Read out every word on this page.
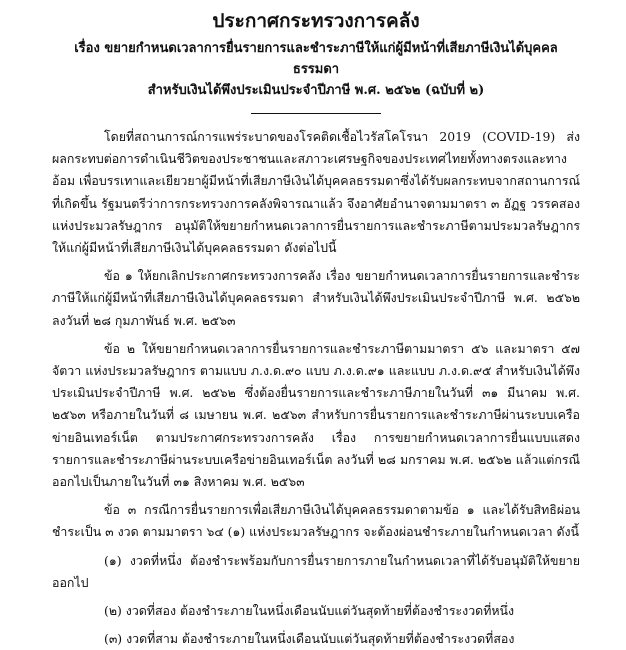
ประกาศกระทรวงการคลัง
เรื่อง ขยายกำหนดเวลาการยื่นรายการและชำระภาษีให้แก่ผู้มีหน้าที่เสียภาษีเงินได้บุคคลธรรมดา
สำหรับเงินได้พึงประเมินประจำปีภาษี พ.ศ. ๒๕๖๒ (ฉบับที่ ๒)

โดยที่สถานการณ์การแพร่ระบาดของโรคติดเชื้อไวรัสโคโรนา 2019 (COVID-19) ส่งผลกระทบต่อการดำเนินชีวิตของประชาชนและสภาวะเศรษฐกิจของประเทศไทยทั้งทางตรงและทางอ้อม เพื่อบรรเทาและเยียวยาผู้มีหน้าที่เสียภาษีเงินได้บุคคลธรรมดาซึ่งได้รับผลกระทบจากสถานการณ์ที่เกิดขึ้น รัฐมนตรีว่าการกระทรวงการคลังพิจารณาแล้ว จึงอาศัยอำนาจตามมาตรา ๓ อัฏฐ วรรคสอง แห่งประมวลรัษฎากร อนุมัติให้ขยายกำหนดเวลาการยื่นรายการและชำระภาษีตามประมวลรัษฎากร ให้แก่ผู้มีหน้าที่เสียภาษีเงินได้บุคคลธรรมดา ดังต่อไปนี้

ข้อ ๑ ให้ยกเลิกประกาศกระทรวงการคลัง เรื่อง ขยายกำหนดเวลาการยื่นรายการและชำระภาษีให้แก่ผู้มีหน้าที่เสียภาษีเงินได้บุคคลธรรมดา สำหรับเงินได้พึงประเมินประจำปีภาษี พ.ศ. ๒๕๖๒ ลงวันที่ ๒๘ กุมภาพันธ์ พ.ศ. ๒๕๖๓

ข้อ ๒ ให้ขยายกำหนดเวลาการยื่นรายการและชำระภาษีตามมาตรา ๕๖ และมาตรา ๕๗ จัตวา แห่งประมวลรัษฎากร ตามแบบ ภ.ง.ด.๙๐ แบบ ภ.ง.ด.๙๑ และแบบ ภ.ง.ด.๙๕ สำหรับเงินได้พึงประเมินประจำปีภาษี พ.ศ. ๒๕๖๒ ซึ่งต้องยื่นรายการและชำระภาษีภายในวันที่ ๓๑ มีนาคม พ.ศ. ๒๕๖๓ หรือภายในวันที่ ๘ เมษายน พ.ศ. ๒๕๖๓ สำหรับการยื่นรายการและชำระภาษีผ่านระบบเครือข่ายอินเทอร์เน็ต ตามประกาศกระทรวงการคลัง เรื่อง การขยายกำหนดเวลาการยื่นแบบแสดงรายการและชำระภาษีผ่านระบบเครือข่ายอินเทอร์เน็ต ลงวันที่ ๒๘ มกราคม พ.ศ. ๒๕๖๒ แล้วแต่กรณี ออกไปเป็นภายในวันที่ ๓๑ สิงหาคม พ.ศ. ๒๕๖๓

ข้อ ๓ กรณีการยื่นรายการเพื่อเสียภาษีเงินได้บุคคลธรรมดาตามข้อ ๑ และได้รับสิทธิผ่อนชำระเป็น ๓ งวด ตามมาตรา ๖๔ (๑) แห่งประมวลรัษฎากร จะต้องผ่อนชำระภายในกำหนดเวลา ดังนี้

(๑) งวดที่หนึ่ง ต้องชำระพร้อมกับการยื่นรายการภายในกำหนดเวลาที่ได้รับอนุมัติให้ขยายออกไป

(๒) งวดที่สอง ต้องชำระภายในหนึ่งเดือนนับแต่วันสุดท้ายที่ต้องชำระงวดที่หนึ่ง

(๓) งวดที่สาม ต้องชำระภายในหนึ่งเดือนนับแต่วันสุดท้ายที่ต้องชำระงวดที่สอง
